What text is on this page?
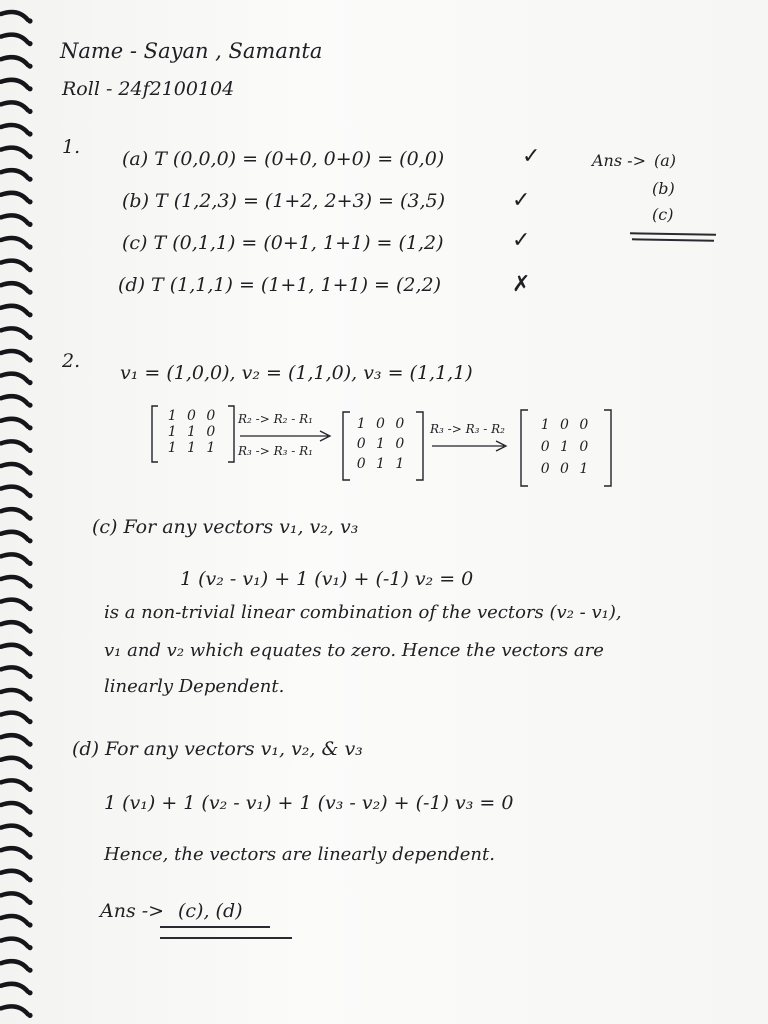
Name - Sayan , Samanta
Roll - 24f2100104
1.
(a) T (0,0,0) = (0+0, 0+0) = (0,0)	✓
(b) T (1,2,3) = (1+2, 2+3) = (3,5)	✓
(c) T (0,1,1) = (0+1, 1+1) = (1,2)	✓
(d) T (1,1,1) = (1+1, 1+1) = (2,2)	✗
Ans -> (a)
(b)
(c)
2.
v₁ = (1,0,0), v₂ = (1,1,0), v₃ = (1,1,1)
1 0 0
1 1 0
1 1 1
R₂ -> R₂ - R₁
R₃ -> R₃ - R₁
1 0 0
0 1 0
0 1 1
R₃ -> R₃ - R₂	1 0 0
0 1 0
0 0 1
(c) For any vectors v₁, v₂, v₃
1 (v₂ - v₁) + 1 (v₁) + (-1) v₂ = 0
is a non-trivial linear combination of the vectors (v₂ - v₁),
v₁ and v₂ which equates to zero. Hence the vectors are
linearly Dependent.
(d) For any vectors v₁, v₂, & v₃
1 (v₁) + 1 (v₂ - v₁) + 1 (v₃ - v₂) + (-1) v₃ = 0
Hence, the vectors are linearly dependent.
Ans -> (c), (d)
